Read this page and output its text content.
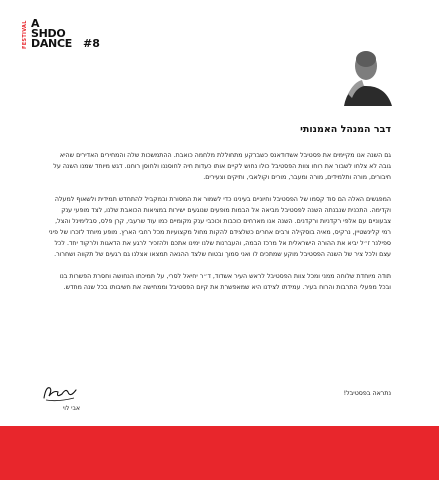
FESTIVAL A
SHDO
DANCE #8
דבר המנהל האמנותי

גם השנה אנו מקיימים את פסטיבל אשדודאנס כשברקע מתחוללת מלחמה כואבת. ההתמשכות שלה והמחירים האדירים שהיא גובה לא צלחו לשבור את רוחו צוות הפסטיבל כולו נחוש לקיים אותו כעדות חיה לחוסננו ולחוסן רוחנו. דגש מיוחד שמנו השנה על חיבורים, מורה ותלמידים, מורה ומעבר, מורים וקולאבי, ותיקים וצעירים.

המפגשים האלה הם סוד קסמו של הפסטיבל וחיוניים בעינינו כדי לשמור את המסורת ובמקביל להתחדש תמידית ולשאוף למעלה וקדימה. התכנית שנבנתה השנה לפסטיבל מביאה אל הבמות מופעים שנוגעים ישירות במציאות הכואבת שלנו, לצד מופעי ענק צבעוניים עם אלפי רקדניות ורקדנים. השנה אנו מארחים כוכבות וכוכבי ענק מקומיים כמו עוד שרעבי, קרן פלס, סבלימינל והצל, רמי קלינשטיין, נרקיס, מאיה בוסקילה ורבים אחרים כשלצידם להקות מחול מקצועיות מכל רחבי הארץ. מופע מיוחד לזכרו של פיני ספילנר ז״ל יביא את ההורה הישראלית אל מרכז הבמה, והעברנות שלנו ימינו אתכם ולהזכיר לרגע את הדאגות ולרקוד יחד. לכל עצם ולכל ציר של השנה הפסטיבל מוקע שמתכים לו ואני סמוך ובטוח שלצד ההנאה תמצאו אצלנו גם רגעים של תקווה ושחרור.

תודה מיוחדת שלוחה ממני ומכל צוות הפסטיבל לראש העיר אשדוד, ד״ר יחיאל לסרי, על תמיכתו הנחושה וחסרת הפשרות בנו ובכל מפעלי התרבות והרוח בעיר. עמידתו לצידנו היא שמאפשרת את קיום הפסטיבל וממחישה את חשיבותו בכל שנה מחדש.

נתראה בפסטיבל!
אבי לוי
